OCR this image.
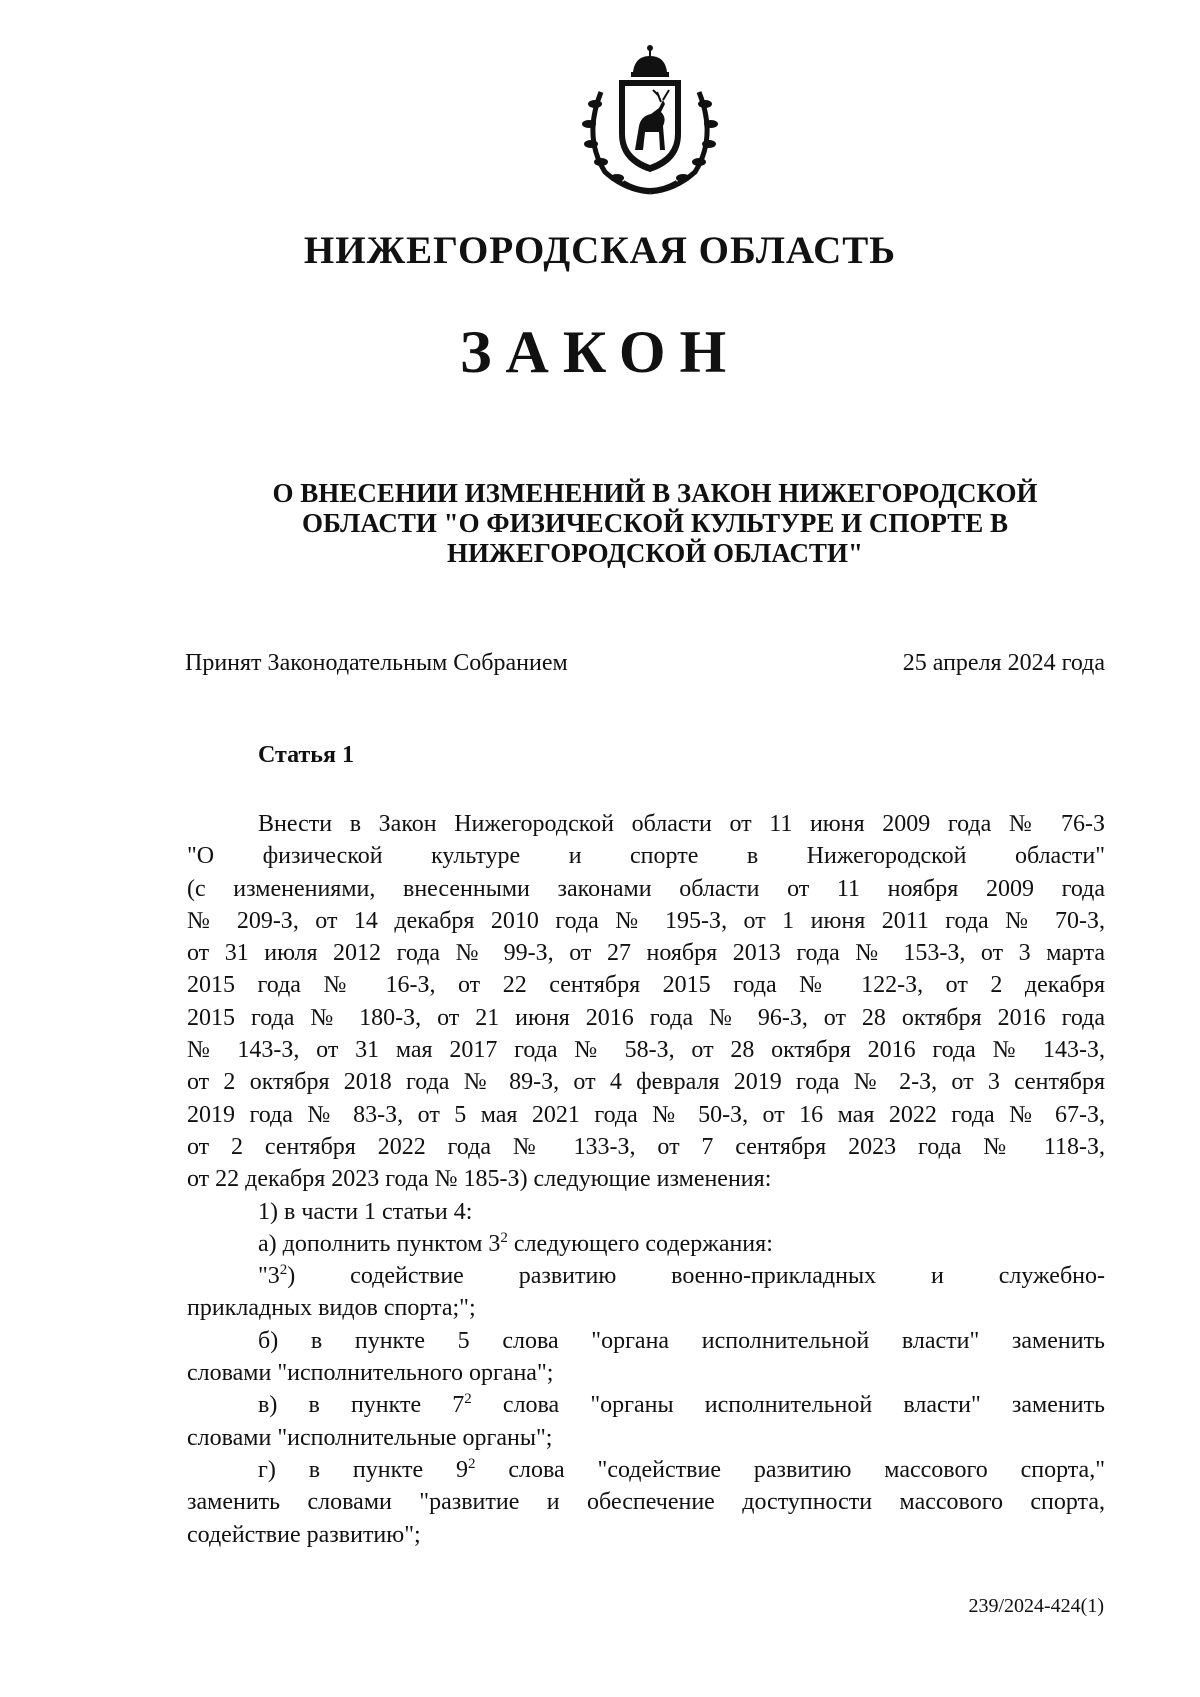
НИЖЕГОРОДСКАЯ ОБЛАСТЬ
ЗАКОН
О ВНЕСЕНИИ ИЗМЕНЕНИЙ В ЗАКОН НИЖЕГОРОДСКОЙ
ОБЛАСТИ "О ФИЗИЧЕСКОЙ КУЛЬТУРЕ И СПОРТЕ В
НИЖЕГОРОДСКОЙ ОБЛАСТИ"
Принят Законодательным Собранием	25 апреля 2024 года
Статья 1
Внести в Закон Нижегородской области от 11 июня 2009 года № 76-З
"О физической культуре и спорте в Нижегородской области"
(с изменениями, внесенными законами области от 11 ноября 2009 года
№ 209-З, от 14 декабря 2010 года № 195-З, от 1 июня 2011 года № 70-З,
от 31 июля 2012 года № 99-З, от 27 ноября 2013 года № 153-З, от 3 марта
2015 года № 16-З, от 22 сентября 2015 года № 122-З, от 2 декабря
2015 года № 180-З, от 21 июня 2016 года № 96-З, от 28 октября 2016 года
№ 143-З, от 31 мая 2017 года № 58-З, от 28 октября 2016 года № 143-З,
от 2 октября 2018 года № 89-З, от 4 февраля 2019 года № 2-З, от 3 сентября
2019 года № 83-З, от 5 мая 2021 года № 50-З, от 16 мая 2022 года № 67-З,
от 2 сентября 2022 года № 133-З, от 7 сентября 2023 года № 118-З,
от 22 декабря 2023 года № 185-З) следующие изменения:
1) в части 1 статьи 4:
а) дополнить пунктом $3^2$ следующего содержания:
"$3^2$) содействие развитию военно-прикладных и служебно-
прикладных видов спорта;";
б) в пункте 5 слова "органа исполнительной власти" заменить
словами "исполнительного органа";
в) в пункте $7^2$ слова "органы исполнительной власти" заменить
словами "исполнительные органы";
г) в пункте $9^2$ слова "содействие развитию массового спорта,"
заменить словами "развитие и обеспечение доступности массового спорта,
содействие развитию";
239/2024-424(1)
